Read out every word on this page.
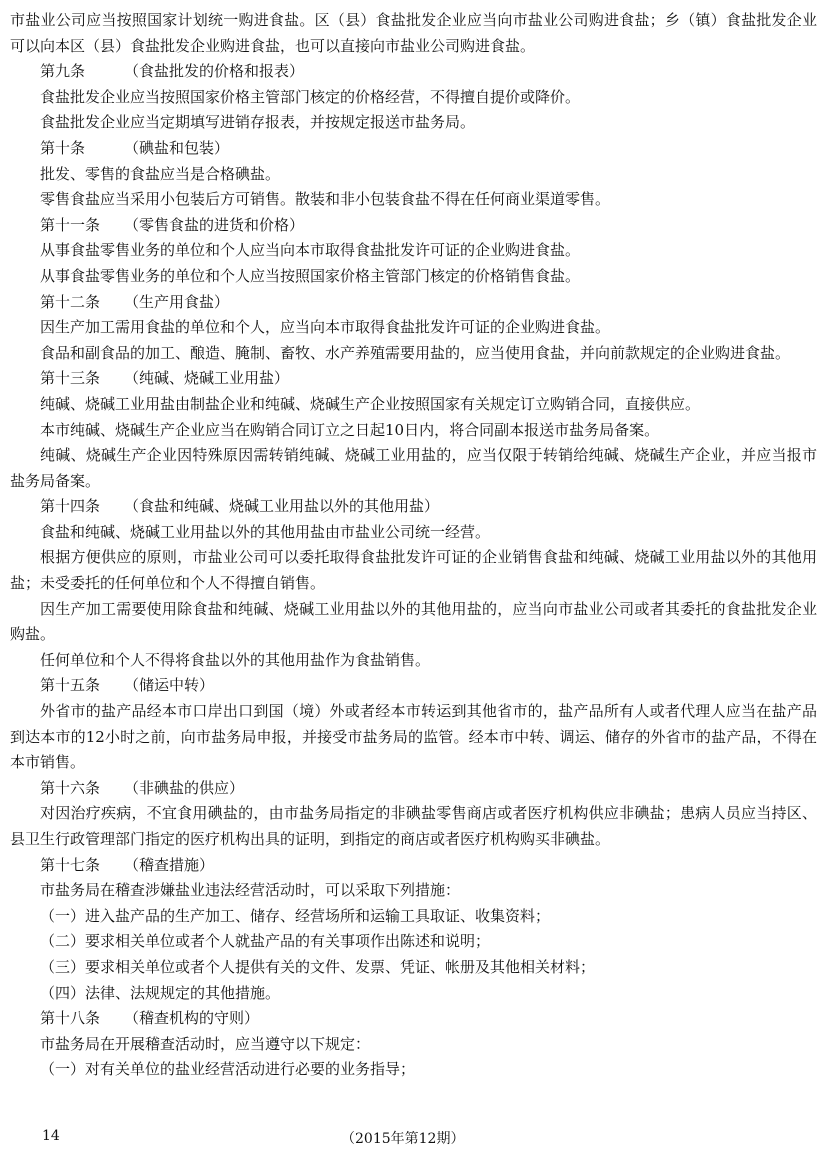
市盐业公司应当按照国家计划统一购进食盐。区（县）食盐批发企业应当向市盐业公司购进食盐；乡（镇）食盐批发企业可以向本区（县）食盐批发企业购进食盐，也可以直接向市盐业公司购进食盐。

第九条	（食盐批发的价格和报表）

食盐批发企业应当按照国家价格主管部门核定的价格经营，不得擅自提价或降价。

食盐批发企业应当定期填写进销存报表，并按规定报送市盐务局。

第十条	（碘盐和包装）

批发、零售的食盐应当是合格碘盐。

零售食盐应当采用小包装后方可销售。散装和非小包装食盐不得在任何商业渠道零售。

第十一条 （零售食盐的进货和价格）

从事食盐零售业务的单位和个人应当向本市取得食盐批发许可证的企业购进食盐。

从事食盐零售业务的单位和个人应当按照国家价格主管部门核定的价格销售食盐。

第十二条 （生产用食盐）

因生产加工需用食盐的单位和个人，应当向本市取得食盐批发许可证的企业购进食盐。

食品和副食品的加工、酿造、腌制、畜牧、水产养殖需要用盐的，应当使用食盐，并向前款规定的企业购进食盐。

第十三条 （纯碱、烧碱工业用盐）

纯碱、烧碱工业用盐由制盐企业和纯碱、烧碱生产企业按照国家有关规定订立购销合同，直接供应。

本市纯碱、烧碱生产企业应当在购销合同订立之日起10日内，将合同副本报送市盐务局备案。

纯碱、烧碱生产企业因特殊原因需转销纯碱、烧碱工业用盐的，应当仅限于转销给纯碱、烧碱生产企业，并应当报市盐务局备案。

第十四条 （食盐和纯碱、烧碱工业用盐以外的其他用盐）

食盐和纯碱、烧碱工业用盐以外的其他用盐由市盐业公司统一经营。

根据方便供应的原则，市盐业公司可以委托取得食盐批发许可证的企业销售食盐和纯碱、烧碱工业用盐以外的其他用盐；未受委托的任何单位和个人不得擅自销售。

因生产加工需要使用除食盐和纯碱、烧碱工业用盐以外的其他用盐的，应当向市盐业公司或者其委托的食盐批发企业购盐。

任何单位和个人不得将食盐以外的其他用盐作为食盐销售。

第十五条 （储运中转）

外省市的盐产品经本市口岸出口到国（境）外或者经本市转运到其他省市的，盐产品所有人或者代理人应当在盐产品到达本市的12小时之前，向市盐务局申报，并接受市盐务局的监管。经本市中转、调运、储存的外省市的盐产品，不得在本市销售。

第十六条 （非碘盐的供应）

对因治疗疾病，不宜食用碘盐的，由市盐务局指定的非碘盐零售商店或者医疗机构供应非碘盐；患病人员应当持区、县卫生行政管理部门指定的医疗机构出具的证明，到指定的商店或者医疗机构购买非碘盐。

第十七条 （稽查措施）

市盐务局在稽查涉嫌盐业违法经营活动时，可以采取下列措施：

（一）进入盐产品的生产加工、储存、经营场所和运输工具取证、收集资料；

（二）要求相关单位或者个人就盐产品的有关事项作出陈述和说明；

（三）要求相关单位或者个人提供有关的文件、发票、凭证、帐册及其他相关材料；

（四）法律、法规规定的其他措施。

第十八条 （稽查机构的守则）

市盐务局在开展稽查活动时，应当遵守以下规定：

（一）对有关单位的盐业经营活动进行必要的业务指导；

14	（2015年第12期）
